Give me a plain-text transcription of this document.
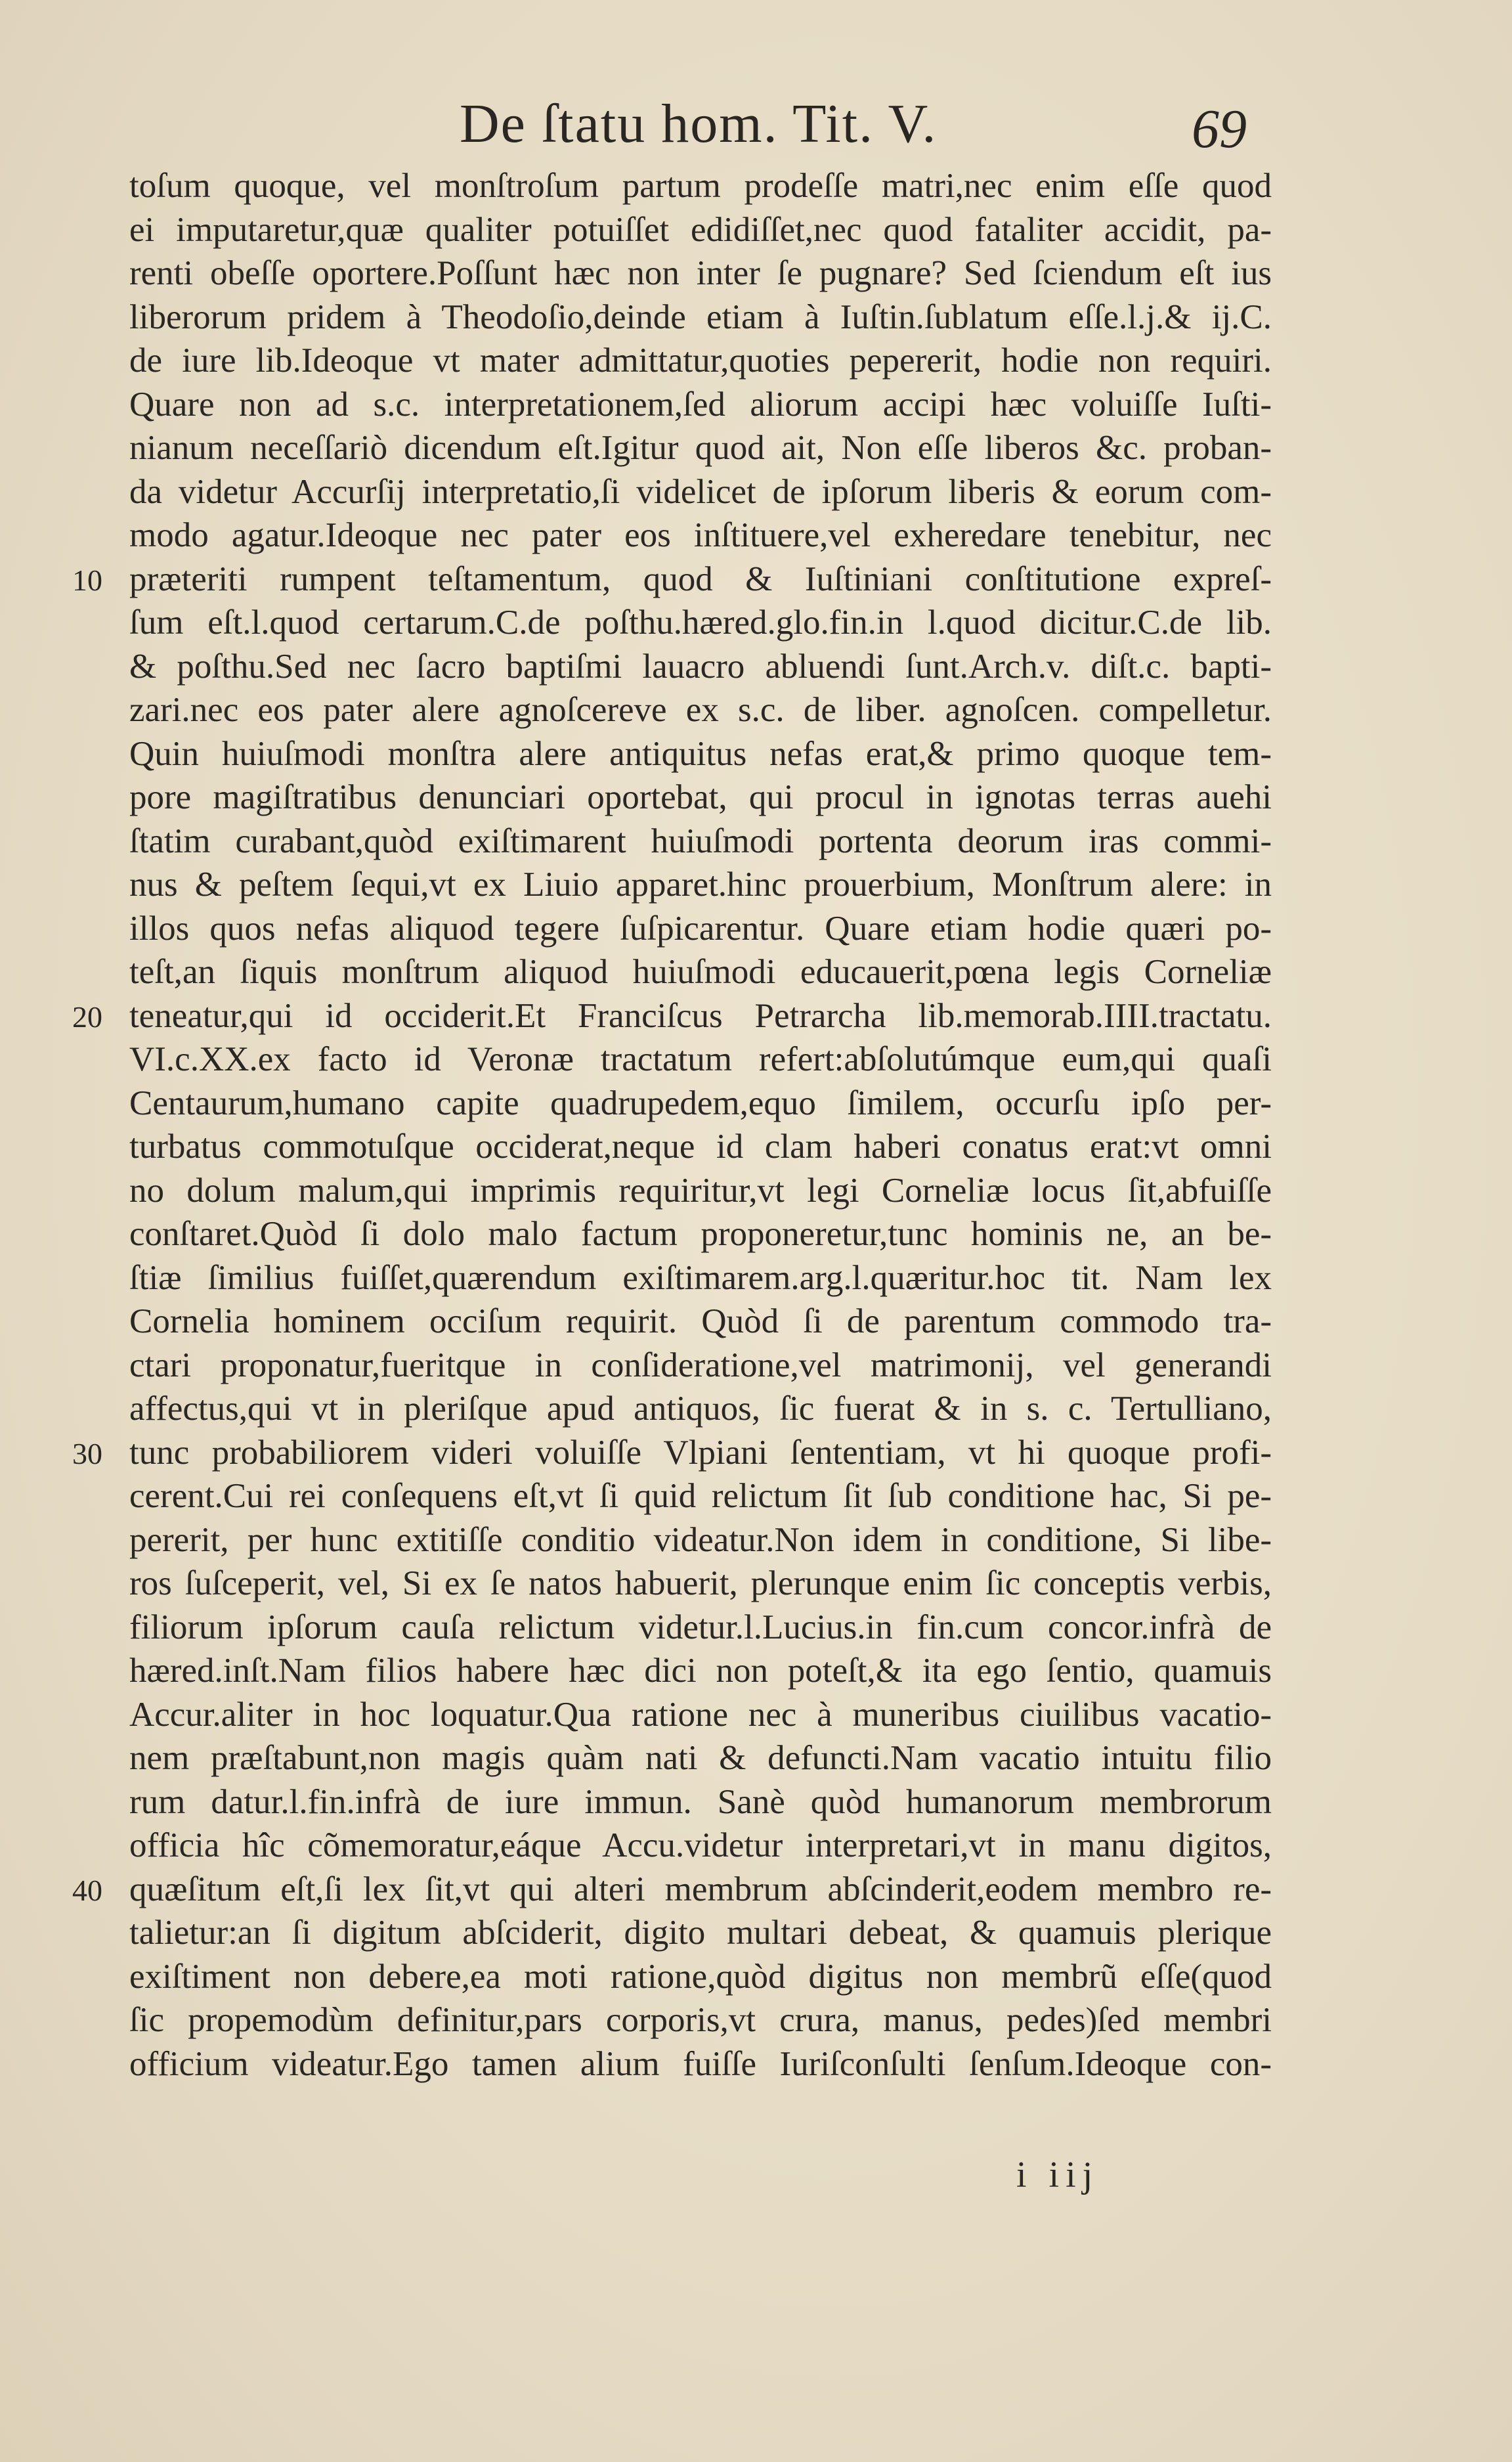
De ſtatu hom. Tit. V.	69
10
20
30
40
toſum quoque, vel monſtroſum partum prodeſſe matri,nec enim eſſe quod
ei imputaretur,quæ qualiter potuiſſet edidiſſet,nec quod fataliter accidit, pa-
renti obeſſe oportere.Poſſunt hæc non inter ſe pugnare? Sed ſciendum eſt ius
liberorum pridem à Theodoſio,deinde etiam à Iuſtin.ſublatum eſſe.l.j.& ij.C.
de iure lib.Ideoque vt mater admittatur,quoties pepererit, hodie non requiri.
Quare non ad s.c. interpretationem,ſed aliorum accipi hæc voluiſſe Iuſti-
nianum neceſſariò dicendum eſt.Igitur quod ait, Non eſſe liberos &c. proban-
da videtur Accurſij interpretatio,ſi videlicet de ipſorum liberis & eorum com-
modo agatur.Ideoque nec pater eos inſtituere,vel exheredare tenebitur, nec
præteriti rumpent teſtamentum, quod & Iuſtiniani conſtitutione expreſ-
ſum eſt.l.quod certarum.C.de poſthu.hæred.glo.fin.in l.quod dicitur.C.de lib.
& poſthu.Sed nec ſacro baptiſmi lauacro abluendi ſunt.Arch.v. diſt.c. bapti-
zari.nec eos pater alere agnoſcereve ex s.c. de liber. agnoſcen. compelletur.
Quin huiuſmodi monſtra alere antiquitus nefas erat,& primo quoque tem-
pore magiſtratibus denunciari oportebat, qui procul in ignotas terras auehi
ſtatim curabant,quòd exiſtimarent huiuſmodi portenta deorum iras commi-
nus & peſtem ſequi,vt ex Liuio apparet.hinc prouerbium, Monſtrum alere: in
illos quos nefas aliquod tegere ſuſpicarentur. Quare etiam hodie quæri po-
teſt,an ſiquis monſtrum aliquod huiuſmodi educauerit,pœna legis Corneliæ
teneatur,qui id occiderit.Et Franciſcus Petrarcha lib.memorab.IIII.tractatu.
VI.c.XX.ex facto id Veronæ tractatum refert:abſolutúmque eum,qui quaſi
Centaurum,humano capite quadrupedem,equo ſimilem, occurſu ipſo per-
turbatus commotuſque occiderat,neque id clam haberi conatus erat:vt omni
no dolum malum,qui imprimis requiritur,vt legi Corneliæ locus ſit,abfuiſſe
conſtaret.Quòd ſi dolo malo factum proponeretur,tunc hominis ne, an be-
ſtiæ ſimilius fuiſſet,quærendum exiſtimarem.arg.l.quæritur.hoc tit. Nam lex
Cornelia hominem occiſum requirit. Quòd ſi de parentum commodo tra-
ctari proponatur,fueritque in conſideratione,vel matrimonij, vel generandi
affectus,qui vt in pleriſque apud antiquos, ſic fuerat & in s. c. Tertulliano,
tunc probabiliorem videri voluiſſe Vlpiani ſententiam, vt hi quoque profi-
cerent.Cui rei conſequens eſt,vt ſi quid relictum ſit ſub conditione hac, Si pe-
pererit, per hunc extitiſſe conditio videatur.Non idem in conditione, Si libe-
ros ſuſceperit, vel, Si ex ſe natos habuerit, plerunque enim ſic conceptis verbis,
filiorum ipſorum cauſa relictum videtur.l.Lucius.in fin.cum concor.infrà de
hæred.inſt.Nam filios habere hæc dici non poteſt,& ita ego ſentio, quamuis
Accur.aliter in hoc loquatur.Qua ratione nec à muneribus ciuilibus vacatio-
nem præſtabunt,non magis quàm nati & defuncti.Nam vacatio intuitu filio
rum datur.l.fin.infrà de iure immun. Sanè quòd humanorum membrorum
officia hîc cõmemoratur,eáque Accu.videtur interpretari,vt in manu digitos,
quæſitum eſt,ſi lex ſit,vt qui alteri membrum abſcinderit,eodem membro re-
talietur:an ſi digitum abſciderit, digito multari debeat, & quamuis plerique
exiſtiment non debere,ea moti ratione,quòd digitus non membrũ eſſe(quod
ſic propemodùm definitur,pars corporis,vt crura, manus, pedes)ſed membri
officium videatur.Ego tamen alium fuiſſe Iuriſconſulti ſenſum.Ideoque con-
i iij
